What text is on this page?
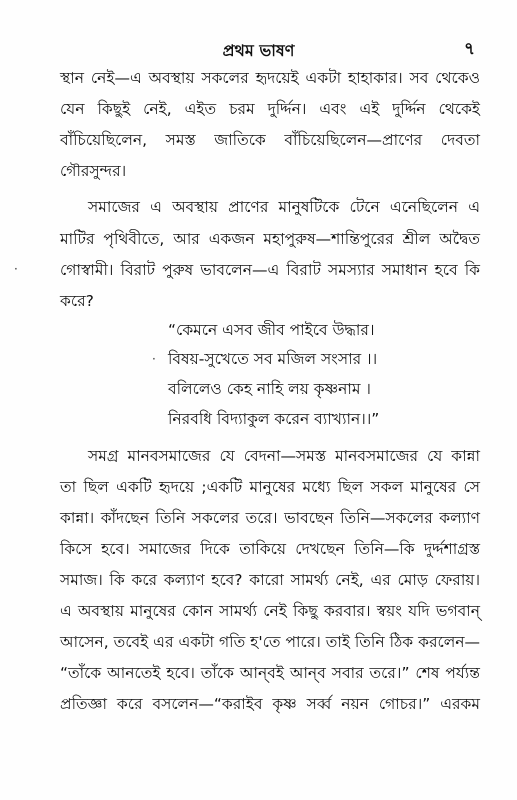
প্রথম ভাষণ	৭
·
স্থান নেই—এ অবস্থায় সকলের হৃদয়েই একটা হাহাকার। সব থেকেও
যেন কিছুই নেই, এইত চরম দুর্দ্দিন। এবং এই দুর্দ্দিন থেকেই
বাঁচিয়েছিলেন, সমস্ত জাতিকে বাঁচিয়েছিলেন—প্রাণের দেবতা
গৌরসুন্দর।
সমাজের এ অবস্থায় প্রাণের মানুষটিকে টেনে এনেছিলেন এ
মাটির পৃথিবীতে, আর একজন মহাপুরুষ—শান্তিপুরের শ্রীল অদ্বৈত
গোস্বামী। বিরাট পুরুষ ভাবলেন—এ বিরাট সমস্যার সমাধান হবে কি
করে?
“কেমনে এসব জীব পাইবে উদ্ধার।
· বিষয়-সুখেতে সব মজিল সংসার ।।
বলিলেও কেহ নাহি লয় কৃষ্ণনাম ।
নিরবধি বিদ্যাকুল করেন ব্যাখ্যান।।”
সমগ্র মানবসমাজের যে বেদনা—সমস্ত মানবসমাজের যে কান্না
তা ছিল একটি হৃদয়ে ;একটি মানুষের মধ্যে ছিল সকল মানুষের সে
কান্না। কাঁদছেন তিনি সকলের তরে। ভাবছেন তিনি—সকলের কল্যাণ
কিসে হবে। সমাজের দিকে তাকিয়ে দেখছেন তিনি—কি দুর্দ্দশাগ্রস্ত
সমাজ। কি করে কল্যাণ হবে? কারো সামর্থ্য নেই, এর মোড় ফেরায়।
এ অবস্থায় মানুষের কোন সামর্থ্য নেই কিছু করবার। স্বয়ং যদি ভগবান্
আসেন, তবেই এর একটা গতি হ'তে পারে। তাই তিনি ঠিক করলেন—
“তাঁকে আনতেই হবে। তাঁকে আন্‌বই আন্‌ব সবার তরে।” শেষ পর্য্যন্ত
প্রতিজ্ঞা করে বসলেন—“করাইব কৃষ্ণ সর্ব্ব নয়ন গোচর।” এরকম
